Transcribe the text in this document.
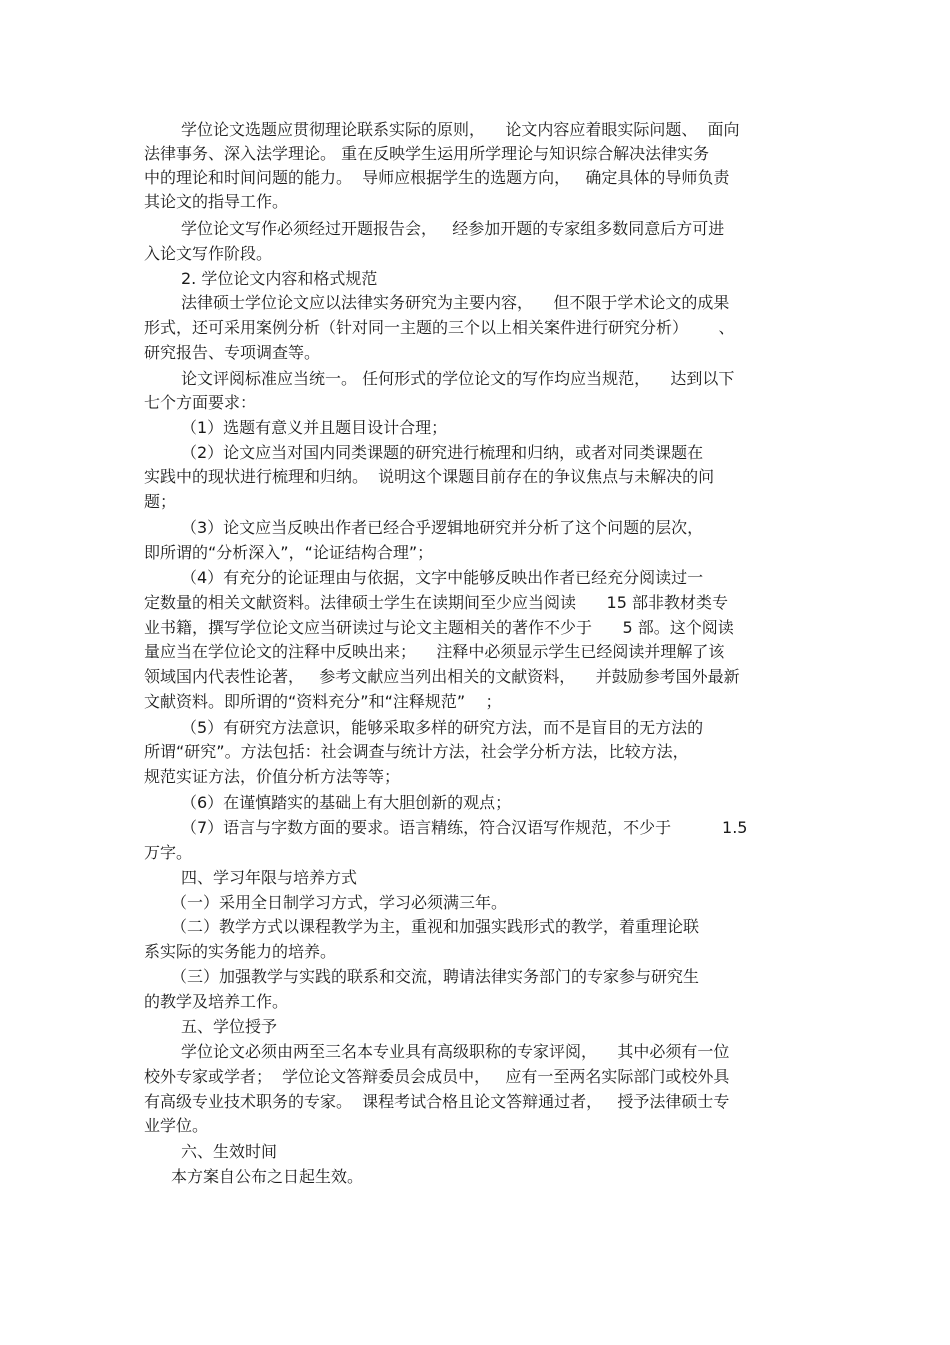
学位论文选题应贯彻理论联系实际的原则，    论文内容应着眼实际问题、  面向
法律事务、深入法学理论。 重在反映学生运用所学理论与知识综合解决法律实务
中的理论和时间问题的能力。  导师应根据学生的选题方向，   确定具体的导师负责
其论文的指导工作。
学位论文写作必须经过开题报告会，   经参加开题的专家组多数同意后方可进
入论文写作阶段。
2. 学位论文内容和格式规范
法律硕士学位论文应以法律实务研究为主要内容，    但不限于学术论文的成果
形式，还可采用案例分析（针对同一主题的三个以上相关案件进行研究分析）      、
研究报告、专项调查等。
论文评阅标准应当统一。 任何形式的学位论文的写作均应当规范，    达到以下
七个方面要求：
（1）选题有意义并且题目设计合理；
（2）论文应当对国内同类课题的研究进行梳理和归纳，或者对同类课题在
实践中的现状进行梳理和归纳。  说明这个课题目前存在的争议焦点与未解决的问
题；
（3）论文应当反映出作者已经合乎逻辑地研究并分析了这个问题的层次，
即所谓的“分析深入”，“论证结构合理”；
（4）有充分的论证理由与依据，文字中能够反映出作者已经充分阅读过一
定数量的相关文献资料。法律硕士学生在读期间至少应当阅读      15 部非教材类专
业书籍，撰写学位论文应当研读过与论文主题相关的著作不少于      5 部。这个阅读
量应当在学位论文的注释中反映出来；    注释中必须显示学生已经阅读并理解了该
领域国内代表性论著，   参考文献应当列出相关的文献资料，    并鼓励参考国外最新
文献资料。即所谓的“资料充分”和“注释规范”    ；
（5）有研究方法意识，能够采取多样的研究方法，而不是盲目的无方法的
所谓“研究”。方法包括：社会调查与统计方法，社会学分析方法，比较方法，
规范实证方法，价值分析方法等等；
（6）在谨慎踏实的基础上有大胆创新的观点；
（7）语言与字数方面的要求。语言精练，符合汉语写作规范，不少于          1.5
万字。
四、学习年限与培养方式
（一）采用全日制学习方式，学习必须满三年。
（二）教学方式以课程教学为主，重视和加强实践形式的教学，着重理论联
系实际的实务能力的培养。
（三）加强教学与实践的联系和交流，聘请法律实务部门的专家参与研究生
的教学及培养工作。
五、学位授予
学位论文必须由两至三名本专业具有高级职称的专家评阅，    其中必须有一位
校外专家或学者；  学位论文答辩委员会成员中，   应有一至两名实际部门或校外具
有高级专业技术职务的专家。  课程考试合格且论文答辩通过者，   授予法律硕士专
业学位。
六、生效时间
本方案自公布之日起生效。
